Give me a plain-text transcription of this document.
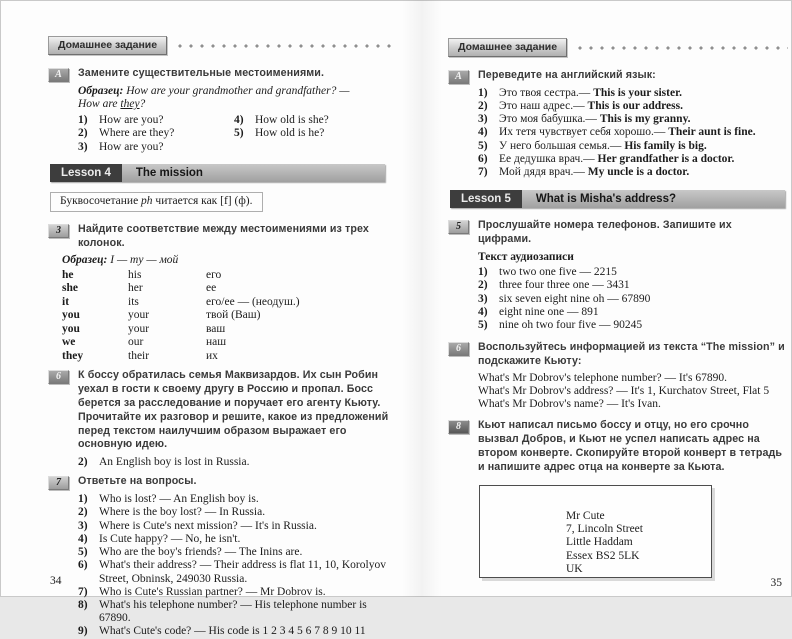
Домашнее задание
A	Замените существительные местоимениями.
Образец: How are your grandmother and grandfather? —
How are they?
1) How are you?
2) Where are they?
3) How are you?
4) How old is she?
5) How old is he?
Lesson 4	The mission
Буквосочетание ph читается как [f] (ф).
3	Найдите соответствие между местоимениями из трех колонок.
Образец: I — my — мой
he	his	его
she	her	ее
it	its	его/ее — (неодуш.)
you	your	твой (Ваш)
you	your	ваш
we	our	наш
they	their	их
6	К боссу обратилась семья Маквизардов. Их сын Робин уехал в гости к своему другу в Россию и пропал. Босс берется за расследование и поручает его агенту Кьюту. Прочитайте их разговор и решите, какое из предложений перед текстом наилучшим образом выражает его основную идею.
2) An English boy is lost in Russia.
7	Ответьте на вопросы.
1) Who is lost? — An English boy is.
2) Where is the boy lost? — In Russia.
3) Where is Cute's next mission? — It's in Russia.
4) Is Cute happy? — No, he isn't.
5) Who are the boy's friends? — The Inins are.
6) What's their address? — Their address is flat 11, 10, Korolyov Street, Obninsk, 249030 Russia.
7) Who is Cute's Russian partner? — Mr Dobrov is.
8) What's his telephone number? — His telephone number is 67890.
9) What's Cute's code? — His code is 1 2 3 4 5 6 7 8 9 10 11
34
Домашнее задание
A	Переведите на английский язык:
1) Это твоя сестра.— This is your sister.
2) Это наш адрес.— This is our address.
3) Это моя бабушка.— This is my granny.
4) Их тетя чувствует себя хорошо.— Their aunt is fine.
5) У него большая семья.— His family is big.
6) Ее дедушка врач.— Her grandfather is a doctor.
7) Мой дядя врач.— My uncle is a doctor.
Lesson 5	What is Misha's address?
5	Прослушайте номера телефонов. Запишите их цифрами.
Текст аудиозаписи
1) two two one five — 2215
2) three four three one — 3431
3) six seven eight nine oh — 67890
4) eight nine one — 891
5) nine oh two four five — 90245
6	Воспользуйтесь информацией из текста “The mission” и подскажите Кьюту:
What's Mr Dobrov's telephone number? — It's 67890.
What's Mr Dobrov's address? — It's 1, Kurchatov Street, Flat 5
What's Mr Dobrov's name? — It's Ivan.
8	Кьют написал письмо боссу и отцу, но его срочно вызвал Добров, и Кьют не успел написать адрес на втором конверте. Скопируйте второй конверт в тетрадь и напишите адрес отца на конверте за Кьюта.
Mr Cute
7, Lincoln Street
Little Haddam
Essex BS2 5LK
UK
35
